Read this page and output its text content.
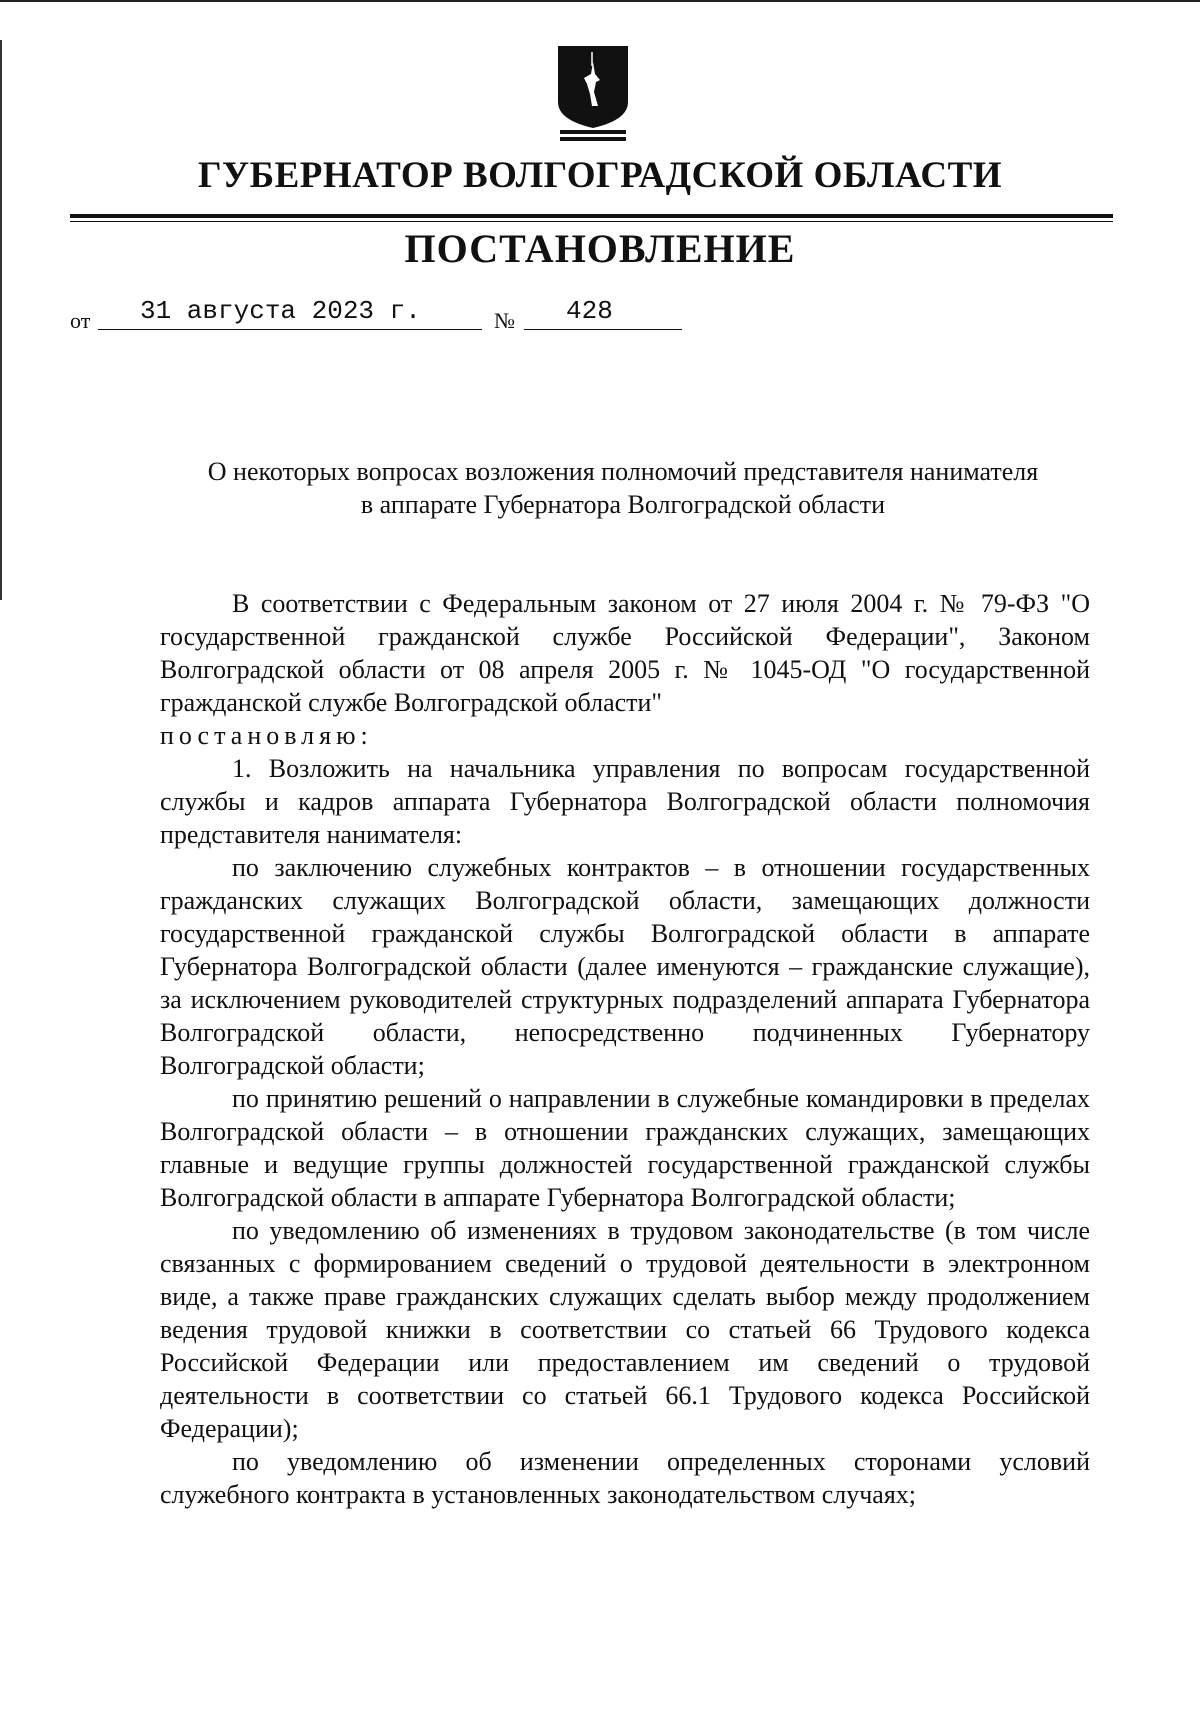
ГУБЕРНАТОР ВОЛГОГРАДСКОЙ ОБЛАСТИ
ПОСТАНОВЛЕНИЕ
от 31 августа 2023 г.	№ 428
О некоторых вопросах возложения полномочий представителя нанимателя
в аппарате Губернатора Волгоградской области

В соответствии с Федеральным законом от 27 июля 2004 г. № 79-ФЗ "О государственной гражданской службе Российской Федерации", Законом Волгоградской области от 08 апреля 2005 г. № 1045-ОД "О государственной гражданской службе Волгоградской области"

постановляю:

1. Возложить на начальника управления по вопросам государственной службы и кадров аппарата Губернатора Волгоградской области полномочия представителя нанимателя:

по заключению служебных контрактов – в отношении государственных гражданских служащих Волгоградской области, замещающих должности государственной гражданской службы Волгоградской области в аппарате Губернатора Волгоградской области (далее именуются – гражданские служащие), за исключением руководителей структурных подразделений аппарата Губернатора Волгоградской области, непосредственно подчиненных Губернатору Волгоградской области;

по принятию решений о направлении в служебные командировки в пределах Волгоградской области – в отношении гражданских служащих, замещающих главные и ведущие группы должностей государственной гражданской службы Волгоградской области в аппарате Губернатора Волгоградской области;

по уведомлению об изменениях в трудовом законодательстве (в том числе связанных с формированием сведений о трудовой деятельности в электронном виде, а также праве гражданских служащих сделать выбор между продолжением ведения трудовой книжки в соответствии со статьей 66 Трудового кодекса Российской Федерации или предоставлением им сведений о трудовой деятельности в соответствии со статьей 66.1 Трудового кодекса Российской Федерации);

по уведомлению об изменении определенных сторонами условий служебного контракта в установленных законодательством случаях;
